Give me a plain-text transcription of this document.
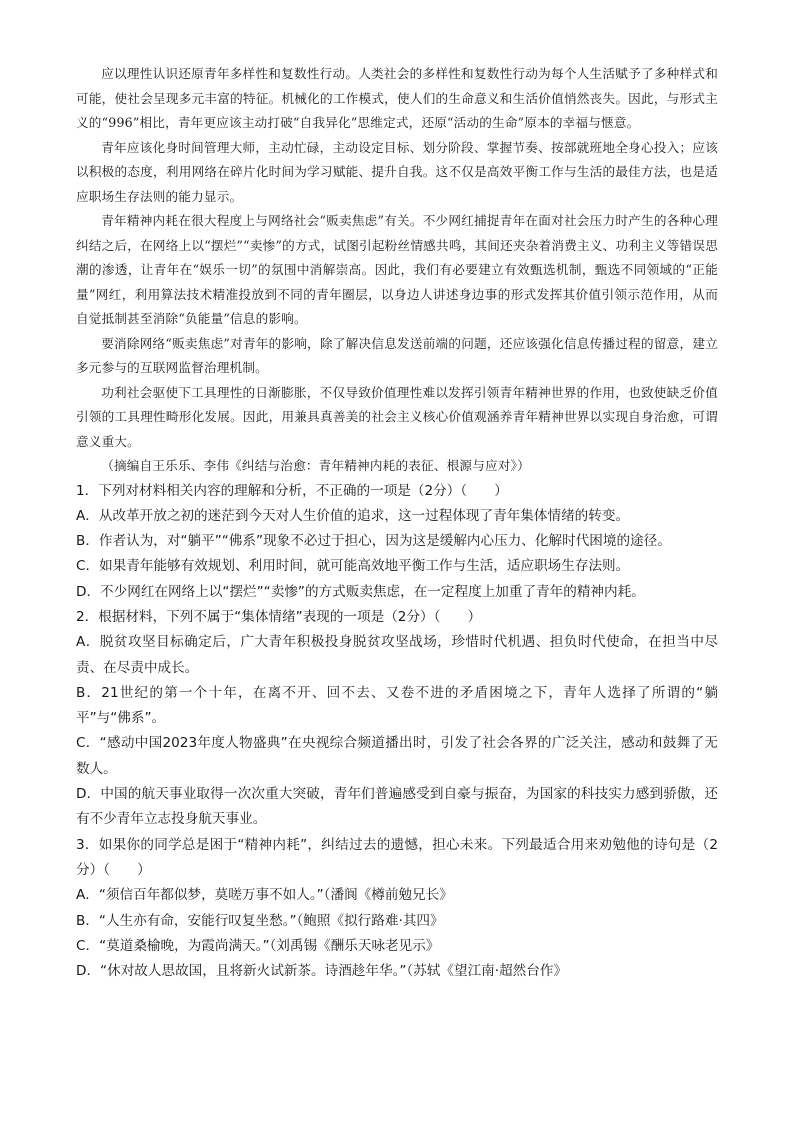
应以理性认识还原青年多样性和复数性行动。人类社会的多样性和复数性行动为每个人生活赋予了多种样式和可能，使社会呈现多元丰富的特征。机械化的工作模式，使人们的生命意义和生活价值悄然丧失。因此，与形式主义的“996”相比，青年更应该主动打破“自我异化”思维定式，还原“活动的生命”原本的幸福与惬意。

青年应该化身时间管理大师，主动忙碌，主动设定目标、划分阶段、掌握节奏、按部就班地全身心投入；应该以积极的态度，利用网络在碎片化时间为学习赋能、提升自我。这不仅是高效平衡工作与生活的最佳方法，也是适应职场生存法则的能力显示。

青年精神内耗在很大程度上与网络社会“贩卖焦虑”有关。不少网红捕捉青年在面对社会压力时产生的各种心理纠结之后，在网络上以“摆烂”“卖惨”的方式，试图引起粉丝情感共鸣，其间还夹杂着消费主义、功利主义等错误思潮的渗透，让青年在“娱乐一切”的氛围中消解崇高。因此，我们有必要建立有效甄选机制，甄选不同领域的“正能量”网红，利用算法技术精准投放到不同的青年圈层，以身边人讲述身边事的形式发挥其价值引领示范作用，从而自觉抵制甚至消除“负能量”信息的影响。

要消除网络“贩卖焦虑”对青年的影响，除了解决信息发送前端的问题，还应该强化信息传播过程的留意，建立多元参与的互联网监督治理机制。

功利社会驱使下工具理性的日渐膨胀，不仅导致价值理性难以发挥引领青年精神世界的作用，也致使缺乏价值引领的工具理性畸形化发展。因此，用兼具真善美的社会主义核心价值观涵养青年精神世界以实现自身治愈，可谓意义重大。

（摘编自王乐乐、李伟《纠结与治愈：青年精神内耗的表征、根源与应对》）

1．下列对材料相关内容的理解和分析，不正确的一项是（2分）（　　）

A．从改革开放之初的迷茫到今天对人生价值的追求，这一过程体现了青年集体情绪的转变。

B．作者认为，对“躺平”“佛系”现象不必过于担心，因为这是缓解内心压力、化解时代困境的途径。

C．如果青年能够有效规划、利用时间，就可能高效地平衡工作与生活，适应职场生存法则。

D．不少网红在网络上以“摆烂”“卖惨”的方式贩卖焦虑，在一定程度上加重了青年的精神内耗。

2．根据材料，下列不属于“集体情绪”表现的一项是（2分）（　　）

A．脱贫攻坚目标确定后，广大青年积极投身脱贫攻坚战场，珍惜时代机遇、担负时代使命，在担当中尽责、在尽责中成长。

B．21世纪的第一个十年，在离不开、回不去、又卷不进的矛盾困境之下，青年人选择了所谓的“躺平”与“佛系”。

C．“感动中国2023年度人物盛典”在央视综合频道播出时，引发了社会各界的广泛关注，感动和鼓舞了无数人。

D．中国的航天事业取得一次次重大突破，青年们普遍感受到自豪与振奋，为国家的科技实力感到骄傲，还有不少青年立志投身航天事业。

3．如果你的同学总是困于“精神内耗”，纠结过去的遗憾，担心未来。下列最适合用来劝勉他的诗句是（2分）（　　）

A．“须信百年都似梦，莫嗟万事不如人。”（潘阆《樽前勉兄长》

B．“人生亦有命，安能行叹复坐愁。”（鲍照《拟行路难·其四》

C．“莫道桑榆晚，为霞尚满天。”（刘禹锡《酬乐天咏老见示》

D．“休对故人思故国，且将新火试新茶。诗酒趁年华。”（苏轼《望江南·超然台作》
